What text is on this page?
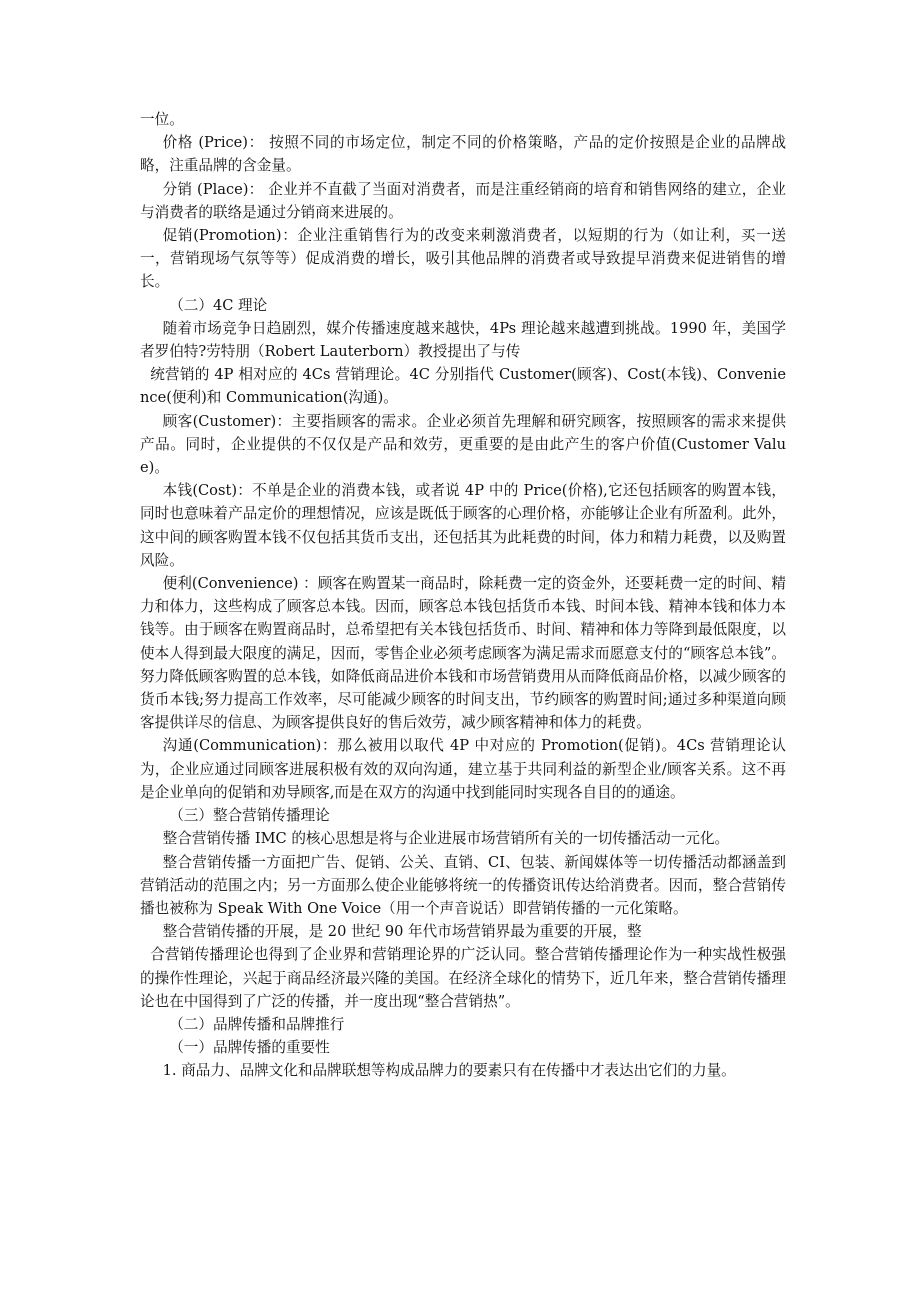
一位。

价格 (Price)： 按照不同的市场定位，制定不同的价格策略，产品的定价按照是企业的品牌战略，注重品牌的含金量。

分销 (Place)： 企业并不直截了当面对消费者，而是注重经销商的培育和销售网络的建立，企业与消费者的联络是通过分销商来进展的。

促销(Promotion)：企业注重销售行为的改变来刺激消费者，以短期的行为（如让利，买一送一，营销现场气氛等等）促成消费的增长，吸引其他品牌的消费者或导致提早消费来促进销售的增长。

（二）4C 理论

随着市场竞争日趋剧烈，媒介传播速度越来越快，4Ps 理论越来越遭到挑战。1990 年，美国学者罗伯特?劳特朋（Robert Lauterborn）教授提出了与传

统营销的 4P 相对应的 4Cs 营销理论。4C 分别指代 Customer(顾客)、Cost(本钱)、Convenience(便利)和 Communication(沟通)。

顾客(Customer)：主要指顾客的需求。企业必须首先理解和研究顾客，按照顾客的需求来提供产品。同时，企业提供的不仅仅是产品和效劳，更重要的是由此产生的客户价值(Customer Value)。

本钱(Cost)：不单是企业的消费本钱，或者说 4P 中的 Price(价格),它还包括顾客的购置本钱，同时也意味着产品定价的理想情况，应该是既低于顾客的心理价格，亦能够让企业有所盈利。此外，这中间的顾客购置本钱不仅包括其货币支出，还包括其为此耗费的时间，体力和精力耗费，以及购置风险。

便利(Convenience) ：顾客在购置某一商品时，除耗费一定的资金外，还要耗费一定的时间、精力和体力，这些构成了顾客总本钱。因而，顾客总本钱包括货币本钱、时间本钱、精神本钱和体力本钱等。由于顾客在购置商品时，总希望把有关本钱包括货币、时间、精神和体力等降到最低限度，以使本人得到最大限度的满足，因而，零售企业必须考虑顾客为满足需求而愿意支付的“顾客总本钱”。努力降低顾客购置的总本钱，如降低商品进价本钱和市场营销费用从而降低商品价格，以减少顾客的货币本钱;努力提高工作效率，尽可能减少顾客的时间支出，节约顾客的购置时间;通过多种渠道向顾客提供详尽的信息、为顾客提供良好的售后效劳，减少顾客精神和体力的耗费。

沟通(Communication)：那么被用以取代 4P 中对应的 Promotion(促销)。4Cs 营销理论认为，企业应通过同顾客进展积极有效的双向沟通，建立基于共同利益的新型企业/顾客关系。这不再是企业单向的促销和劝导顾客,而是在双方的沟通中找到能同时实现各自目的的通途。

（三）整合营销传播理论

整合营销传播 IMC 的核心思想是将与企业进展市场营销所有关的一切传播活动一元化。

整合营销传播一方面把广告、促销、公关、直销、CI、包装、新闻媒体等一切传播活动都涵盖到营销活动的范围之内；另一方面那么使企业能够将统一的传播资讯传达给消费者。因而，整合营销传播也被称为 Speak With One Voice（用一个声音说话）即营销传播的一元化策略。

整合营销传播的开展，是 20 世纪 90 年代市场营销界最为重要的开展，整

合营销传播理论也得到了企业界和营销理论界的广泛认同。整合营销传播理论作为一种实战性极强的操作性理论，兴起于商品经济最兴隆的美国。在经济全球化的情势下，近几年来，整合营销传播理论也在中国得到了广泛的传播，并一度出现“整合营销热”。

（二）品牌传播和品牌推行

（一）品牌传播的重要性

1. 商品力、品牌文化和品牌联想等构成品牌力的要素只有在传播中才表达出它们的力量。
